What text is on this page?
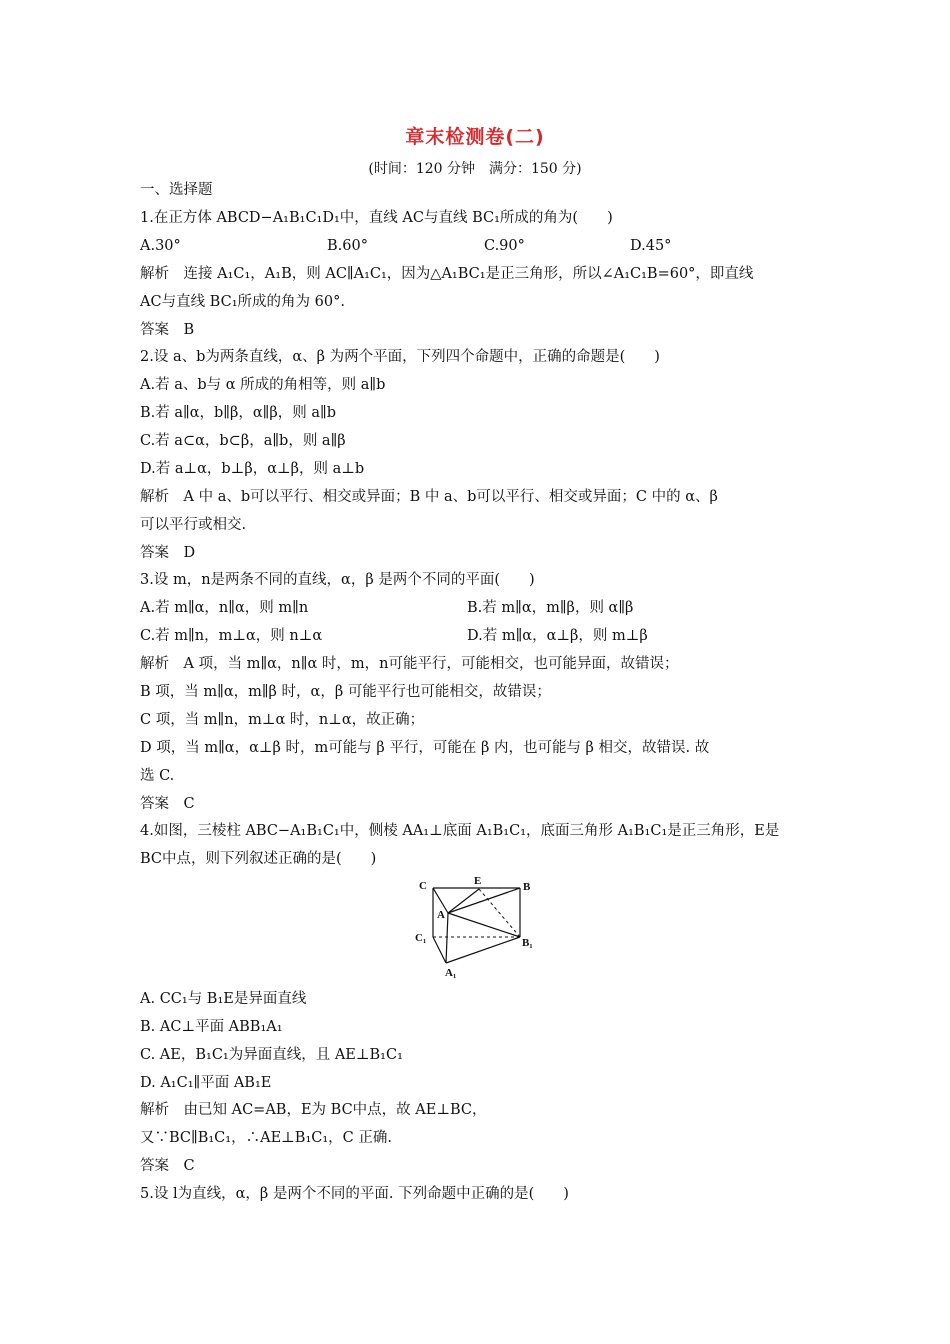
章末检测卷(二)
(时间：120 分钟　满分：150 分)
一、选择题
1.在正方体 ABCD−A₁B₁C₁D₁中，直线 AC与直线 BC₁所成的角为(　　)
A.30°	B.60°	C.90°	D.45°
解析　连接 A₁C₁，A₁B，则 AC∥A₁C₁，因为△A₁BC₁是正三角形，所以∠A₁C₁B=60°，即直线
AC与直线 BC₁所成的角为 60°.
答案　B
2.设 a、b为两条直线，α、β 为两个平面，下列四个命题中，正确的命题是(　　)
A.若 a、b与 α 所成的角相等，则 a∥b
B.若 a∥α，b∥β，α∥β，则 a∥b
C.若 a⊂α，b⊂β，a∥b，则 a∥β
D.若 a⊥α，b⊥β，α⊥β，则 a⊥b
解析　A 中 a、b可以平行、相交或异面；B 中 a、b可以平行、相交或异面；C 中的 α、β
可以平行或相交.
答案　D
3.设 m，n是两条不同的直线，α，β 是两个不同的平面(　　)
A.若 m∥α，n∥α，则 m∥n	B.若 m∥α，m∥β，则 α∥β
C.若 m∥n，m⊥α，则 n⊥α	D.若 m∥α，α⊥β，则 m⊥β
解析　A 项，当 m∥α，n∥α 时，m，n可能平行，可能相交，也可能异面，故错误；
B 项，当 m∥α，m∥β 时，α，β 可能平行也可能相交，故错误；
C 项，当 m∥n，m⊥α 时，n⊥α，故正确；
D 项，当 m∥α，α⊥β 时，m可能与 β 平行，可能在 β 内，也可能与 β 相交，故错误. 故
选 C.
答案　C
4.如图，三棱柱 ABC−A₁B₁C₁中，侧棱 AA₁⊥底面 A₁B₁C₁，底面三角形 A₁B₁C₁是正三角形，E是
BC中点，则下列叙述正确的是(　　)
C	E	B
A
C₁	B₁
A₁
A. CC₁与 B₁E是异面直线
B. AC⊥平面 ABB₁A₁
C. AE，B₁C₁为异面直线，且 AE⊥B₁C₁
D. A₁C₁∥平面 AB₁E
解析　由已知 AC=AB，E为 BC中点，故 AE⊥BC，
又∵BC∥B₁C₁，∴AE⊥B₁C₁，C 正确.
答案　C
5.设 l为直线，α，β 是两个不同的平面. 下列命题中正确的是(　　)
